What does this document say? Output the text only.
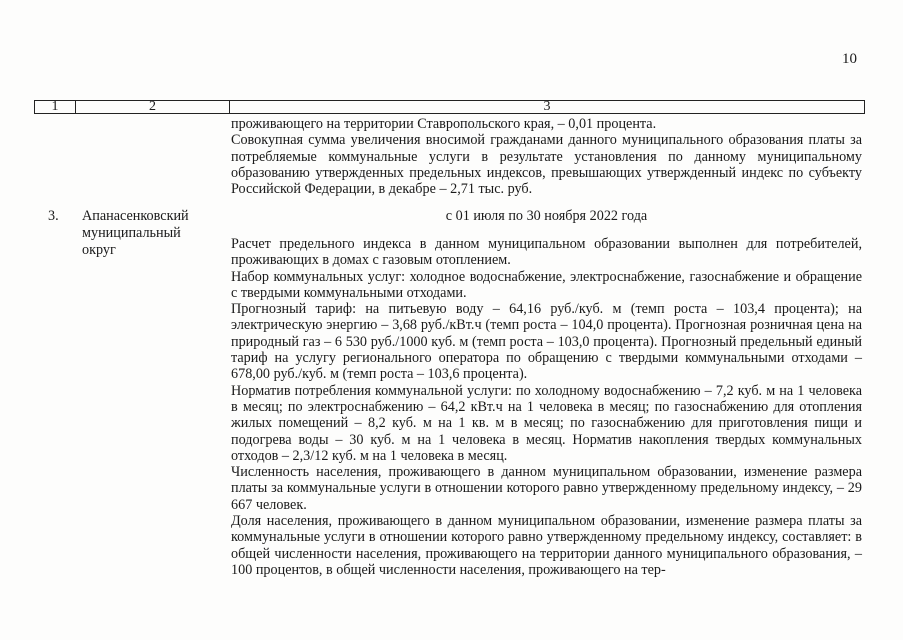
10
1	2	3

проживающего на территории Ставропольского края, – 0,01 процента.

Совокупная сумма увеличения вносимой гражданами данного муниципального образования платы за потребляемые коммунальные услуги в результате установления по данному муниципальному образованию утвержденных предельных индексов, превышающих утвержденный индекс по субъекту Российской Федерации, в декабре – 2,71 тыс. руб.

3. Апанасенковский
муниципальный
округ
с 01 июля по 30 ноября 2022 года

Расчет предельного индекса в данном муниципальном образовании выполнен для потребителей, проживающих в домах с газовым отоплением.

Набор коммунальных услуг: холодное водоснабжение, электроснабжение, газоснабжение и обращение с твердыми коммунальными отходами.

Прогнозный тариф: на питьевую воду – 64,16 руб./куб. м (темп роста – 103,4 процента); на электрическую энергию – 3,68 руб./кВт.ч (темп роста – 104,0 процента). Прогнозная розничная цена на природный газ – 6 530 руб./1000 куб. м (темп роста – 103,0 процента). Прогнозный предельный единый тариф на услугу регионального оператора по обращению с твердыми коммунальными отходами – 678,00 руб./куб. м (темп роста – 103,6 процента).

Норматив потребления коммунальной услуги: по холодному водоснабжению – 7,2 куб. м на 1 человека в месяц; по электроснабжению – 64,2 кВт.ч на 1 человека в месяц; по газоснабжению для отопления жилых помещений – 8,2 куб. м на 1 кв. м в месяц; по газоснабжению для приготовления пищи и подогрева воды – 30 куб. м на 1 человека в месяц. Норматив накопления твердых коммунальных отходов – 2,3/12 куб. м на 1 человека в месяц.

Численность населения, проживающего в данном муниципальном образовании, изменение размера платы за коммунальные услуги в отношении которого равно утвержденному предельному индексу, – 29 667 человек.

Доля населения, проживающего в данном муниципальном образовании, изменение размера платы за коммунальные услуги в отношении которого равно утвержденному предельному индексу, составляет: в общей численности населения, проживающего на территории данного муниципального образования, – 100 процентов, в общей численности населения, проживающего на тер-
